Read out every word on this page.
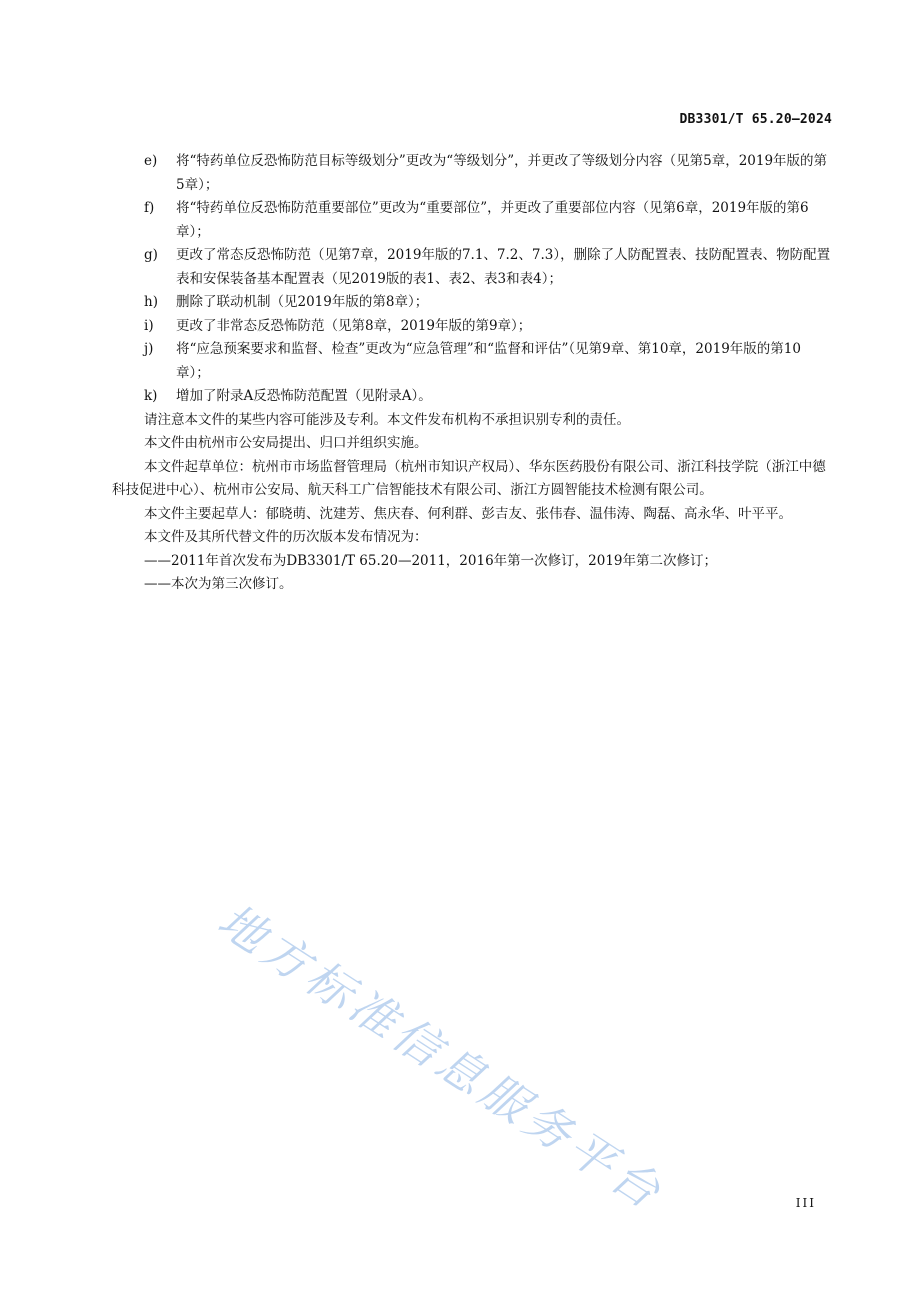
DB3301/T 65.20—2024
e) 将“特药单位反恐怖防范目标等级划分”更改为“等级划分”，并更改了等级划分内容（见第5章，2019年版的第5章）；
f) 将“特药单位反恐怖防范重要部位”更改为“重要部位”，并更改了重要部位内容（见第6章，2019年版的第6章）；
g) 更改了常态反恐怖防范（见第7章，2019年版的7.1、7.2、7.3），删除了人防配置表、技防配置表、物防配置表和安保装备基本配置表（见2019版的表1、表2、表3和表4）；
h) 删除了联动机制（见2019年版的第8章）；
i) 更改了非常态反恐怖防范（见第8章，2019年版的第9章）；
j) 将“应急预案要求和监督、检查”更改为“应急管理”和“监督和评估”（见第9章、第10章，2019年版的第10章）；
k) 增加了附录A反恐怖防范配置（见附录A）。
请注意本文件的某些内容可能涉及专利。本文件发布机构不承担识别专利的责任。
本文件由杭州市公安局提出、归口并组织实施。
本文件起草单位：杭州市市场监督管理局（杭州市知识产权局）、华东医药股份有限公司、浙江科技学院（浙江中德科技促进中心）、杭州市公安局、航天科工广信智能技术有限公司、浙江方圆智能技术检测有限公司。
本文件主要起草人：郁晓萌、沈建芳、焦庆春、何利群、彭吉友、张伟春、温伟涛、陶磊、高永华、叶平平。
本文件及其所代替文件的历次版本发布情况为：
——2011年首次发布为DB3301/T 65.20—2011，2016年第一次修订，2019年第二次修订；
——本次为第三次修订。
地方标准信息服务平台	III
